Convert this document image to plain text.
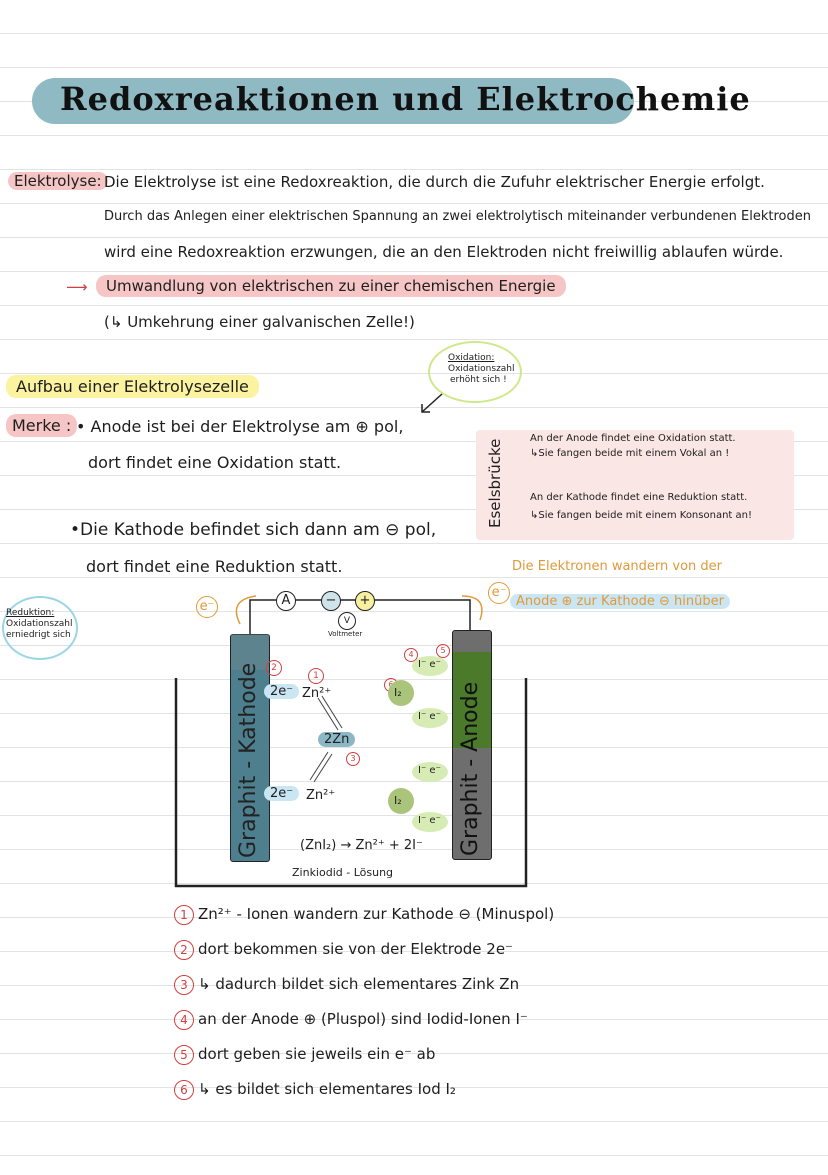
Redoxreaktionen und Elektrochemie
Elektrolyse: Die Elektrolyse ist eine Redoxreaktion, die durch die Zufuhr elektrischer Energie erfolgt.
Durch das Anlegen einer elektrischen Spannung an zwei elektrolytisch miteinander verbundenen Elektroden
wird eine Redoxreaktion erzwungen, die an den Elektroden nicht freiwillig ablaufen würde.
⟶	Umwandlung von elektrischen zu einer chemischen Energie
(↳ Umkehrung einer galvanischen Zelle!)
Oxidation:
Oxidationszahl
erhöht sich !
Aufbau einer Elektrolysezelle
Merke : • Anode ist bei der Elektrolyse am ⊕ pol,
dort findet eine Oxidation statt.
•Die Kathode befindet sich dann am ⊖ pol,
dort findet eine Reduktion statt.
Eselsbrücke
An der Anode findet eine Oxidation statt.
↳Sie fangen beide mit einem Vokal an !
An der Kathode findet eine Reduktion statt.
↳Sie fangen beide mit einem Konsonant an!
Die Elektronen wandern von der
Anode ⊕ zur Kathode ⊖ hinüber
Reduktion:
Oxidationszahl
erniedrigt sich
Graphit - Kathode	Graphit - Anode
e⁻
e⁻
A	−	+
V
Voltmeter
2
1
2e⁻ Zn²⁺
2Zn
3
2e⁻ Zn²⁺
4	5
I⁻ e⁻
I₂
I⁻ e⁻
I⁻ e⁻
I₂
I⁻ e⁻
(ZnI₂) → Zn²⁺ + 2I⁻
Zinkiodid - Lösung
1 Zn²⁺ - Ionen wandern zur Kathode ⊖ (Minuspol)
2 dort bekommen sie von der Elektrode 2e⁻
3 ↳ dadurch bildet sich elementares Zink Zn
4 an der Anode ⊕ (Pluspol) sind Iodid-Ionen I⁻
5 dort geben sie jeweils ein e⁻ ab
6 ↳ es bildet sich elementares Iod I₂
